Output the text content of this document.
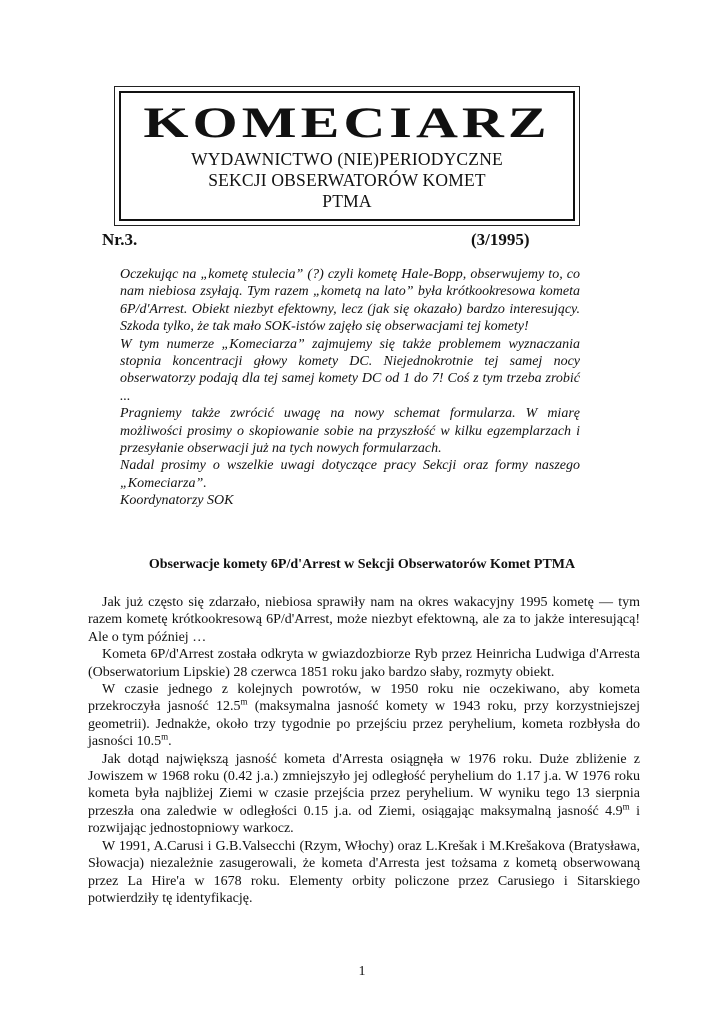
KOMECIARZ
WYDAWNICTWO (NIE)PERIODYCZNE
SEKCJI OBSERWATORÓW KOMET
PTMA
Nr.3.	(3/1995)

Oczekując na „kometę stulecia” (?) czyli kometę Hale-Bopp, obserwujemy to, co nam niebiosa zsyłają. Tym razem „kometą na lato” była krótkookresowa kometa 6P/d'Arrest. Obiekt niezbyt efektowny, lecz (jak się okazało) bardzo interesujący. Szkoda tylko, że tak mało SOK-istów zajęło się obserwacjami tej komety!

W tym numerze „Komeciarza” zajmujemy się także problemem wyznaczania stopnia koncentracji głowy komety DC. Niejednokrotnie tej samej nocy obserwatorzy podają dla tej samej komety DC od 1 do 7! Coś z tym trzeba zrobić ...

Pragniemy także zwrócić uwagę na nowy schemat formularza. W miarę możliwości prosimy o skopiowanie sobie na przyszłość w kilku egzemplarzach i przesyłanie obserwacji już na tych nowych formularzach.

Nadal prosimy o wszelkie uwagi dotyczące pracy Sekcji oraz formy naszego „Komeciarza”.

Koordynatorzy SOK

Obserwacje komety 6P/d'Arrest w Sekcji Obserwatorów Komet PTMA

Jak już często się zdarzało, niebiosa sprawiły nam na okres wakacyjny 1995 kometę — tym razem kometę krótkookresową 6P/d'Arrest, może niezbyt efektowną, ale za to jakże interesującą! Ale o tym później …

Kometa 6P/d'Arrest została odkryta w gwiazdozbiorze Ryb przez Heinricha Ludwiga d'Arresta (Obserwatorium Lipskie) 28 czerwca 1851 roku jako bardzo słaby, rozmyty obiekt.

W czasie jednego z kolejnych powrotów, w 1950 roku nie oczekiwano, aby kometa przekroczyła jasność 12.5$^m$ (maksymalna jasność komety w 1943 roku, przy korzystniejszej geometrii). Jednakże, około trzy tygodnie po przejściu przez peryhelium, kometa rozbłysła do jasności 10.5$^m$.

Jak dotąd największą jasność kometa d'Arresta osiągnęła w 1976 roku. Duże zbliżenie z Jowiszem w 1968 roku (0.42 j.a.) zmniejszyło jej odległość peryhelium do 1.17 j.a. W 1976 roku kometa była najbliżej Ziemi w czasie przejścia przez peryhelium. W wyniku tego 13 sierpnia przeszła ona zaledwie w odległości 0.15 j.a. od Ziemi, osiągając maksymalną jasność 4.9$^m$ i rozwijając jednostopniowy warkocz.

W 1991, A.Carusi i G.B.Valsecchi (Rzym, Włochy) oraz L.Krešak i M.Krešakova (Bratysława, Słowacja) niezależnie zasugerowali, że kometa d'Arresta jest tożsama z kometą obserwowaną przez La Hire'a w 1678 roku. Elementy orbity policzone przez Carusiego i Sitarskiego potwierdziły tę identyfikację.

1
